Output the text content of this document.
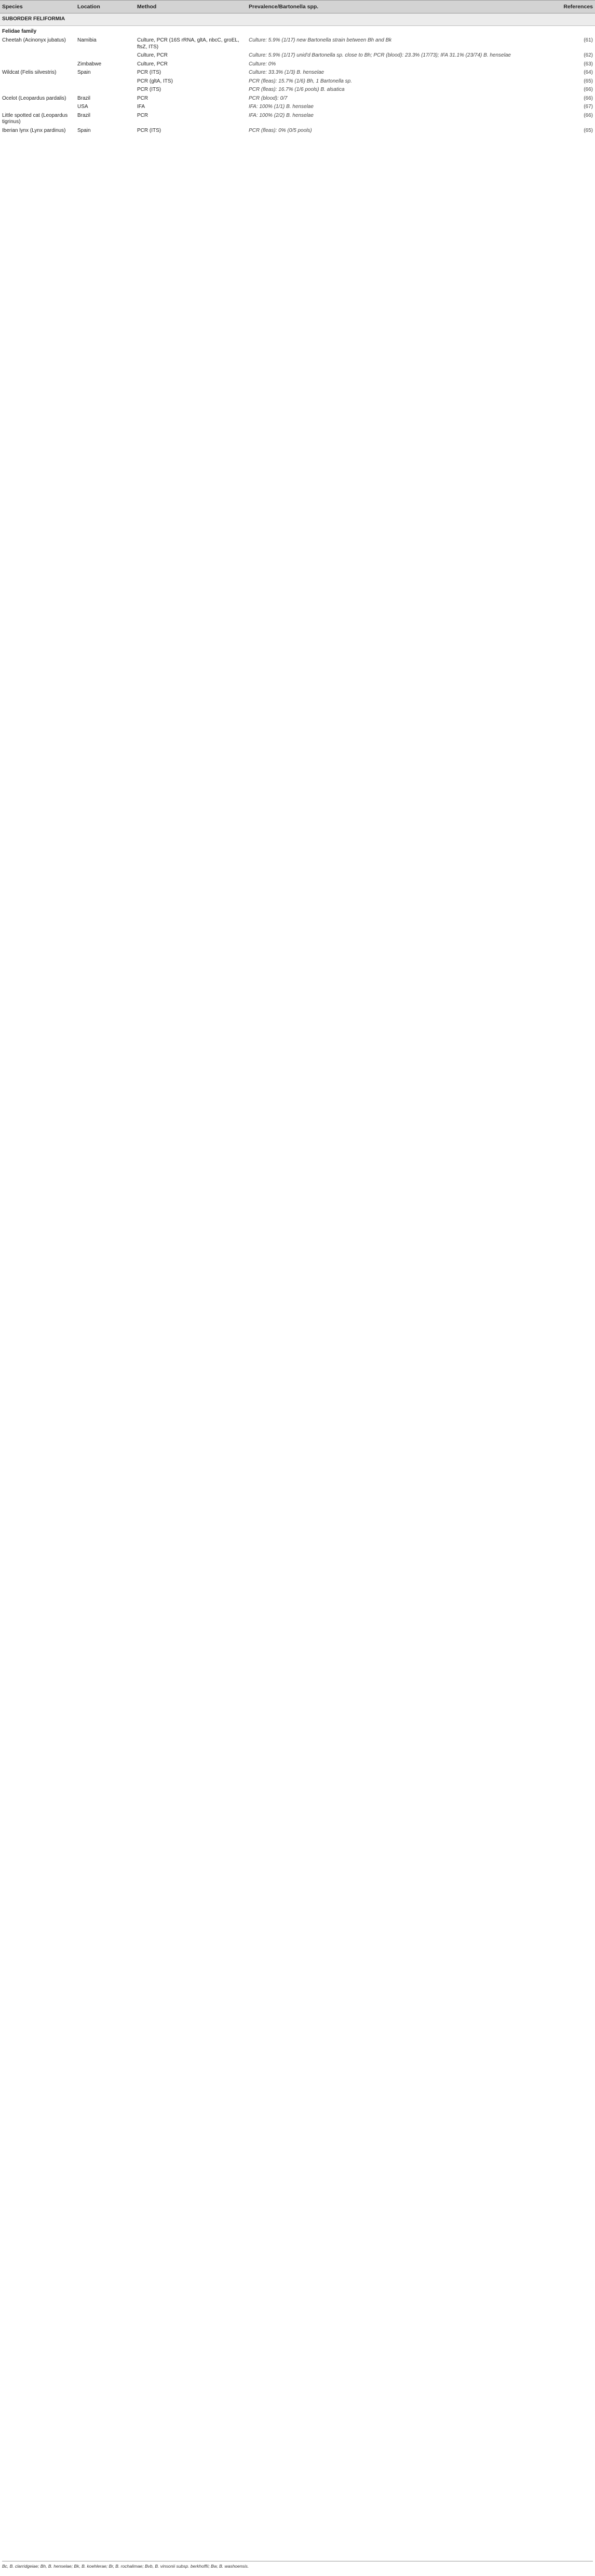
Species	Location	Method	Prevalence/Bartonella spp.	References
SUBORDER FELIFORMIA				
Felidae family				
Cheetah (Acinonyx jubatus)	Namibia	Culture, PCR (16S rRNA, gltA, nbcC, groEL, ftsZ, ITS)	Culture: 5.9% (1/17) new Bartonella strain between Bh and Bk	(61)
		Culture, PCR	Culture: 5.9% (1/17) unid'd Bartonella sp. close to Bh; PCR (blood): 23.3% (17/73); IFA 31.1% (23/74) B. henselae	(62)
	Zimbabwe	Culture, PCR	Culture: 0%	(63)
Wildcat (Felis silvestris)	Spain	PCR (ITS)	Culture: 33.3% (1/3) B. henselae	(64)
		PCR (gltA, ITS)	PCR (fleas): 15.7% (1/6) Bh, 1 Bartonella sp.	(65)
		PCR (ITS)	PCR (fleas): 16.7% (1/6 pools) B. alsatica	(66)
Ocelot (Leopardus pardalis)	Brazil	PCR	PCR (blood): 0/7	(66)
	USA	IFA	IFA: 100% (1/1) B. henselae	(67)
Little spotted cat (Leopardus tigrinus)	Brazil	PCR	IFA: 100% (2/2) B. henselae	(66)
Iberian lynx (Lynx pardinus)	Spain	PCR (ITS)	PCR (fleas): 0% (0/5 pools)	(65)

Bc, B. clarridgeiae; Bh, B. henselae; Bk, B. koehlerae; Br, B. rochalimae; Bvb, B. vinsonii subsp. berkhoffii; Bw, B. washoensis.
